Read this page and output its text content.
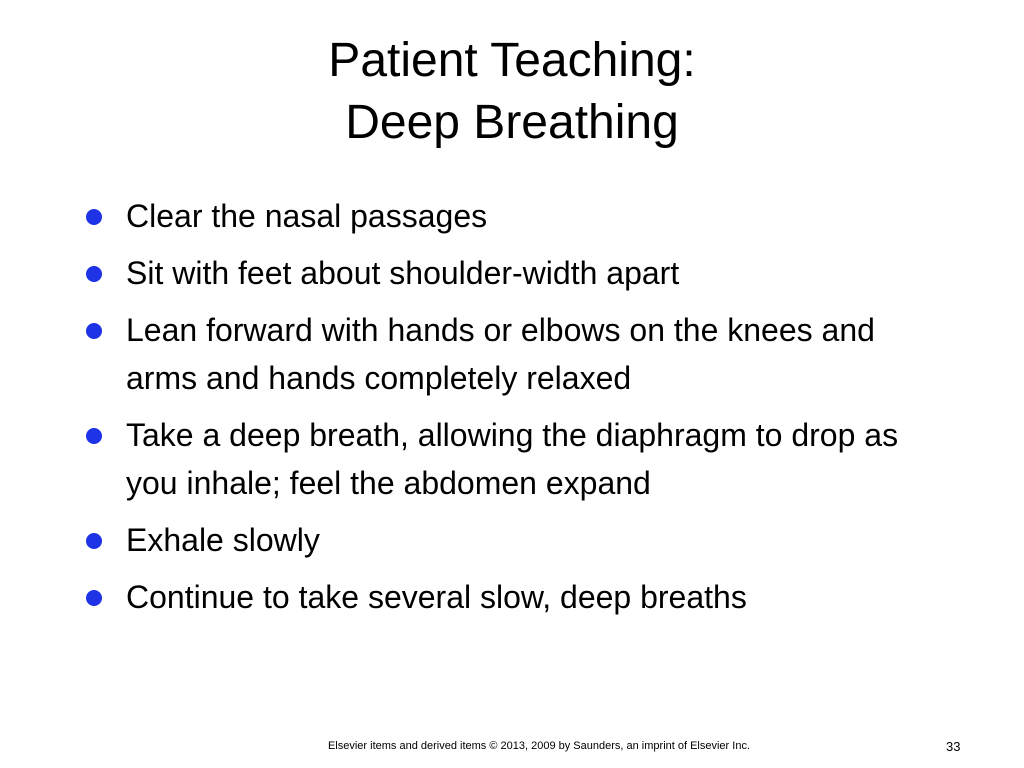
Patient Teaching:
Deep Breathing
Clear the nasal passages
Sit with feet about shoulder-width apart
Lean forward with hands or elbows on the knees and arms and hands completely relaxed
Take a deep breath, allowing the diaphragm to drop as you inhale; feel the abdomen expand
Exhale slowly
Continue to take several slow, deep breaths
Elsevier items and derived items © 2013, 2009 by Saunders, an imprint of Elsevier Inc.	33
